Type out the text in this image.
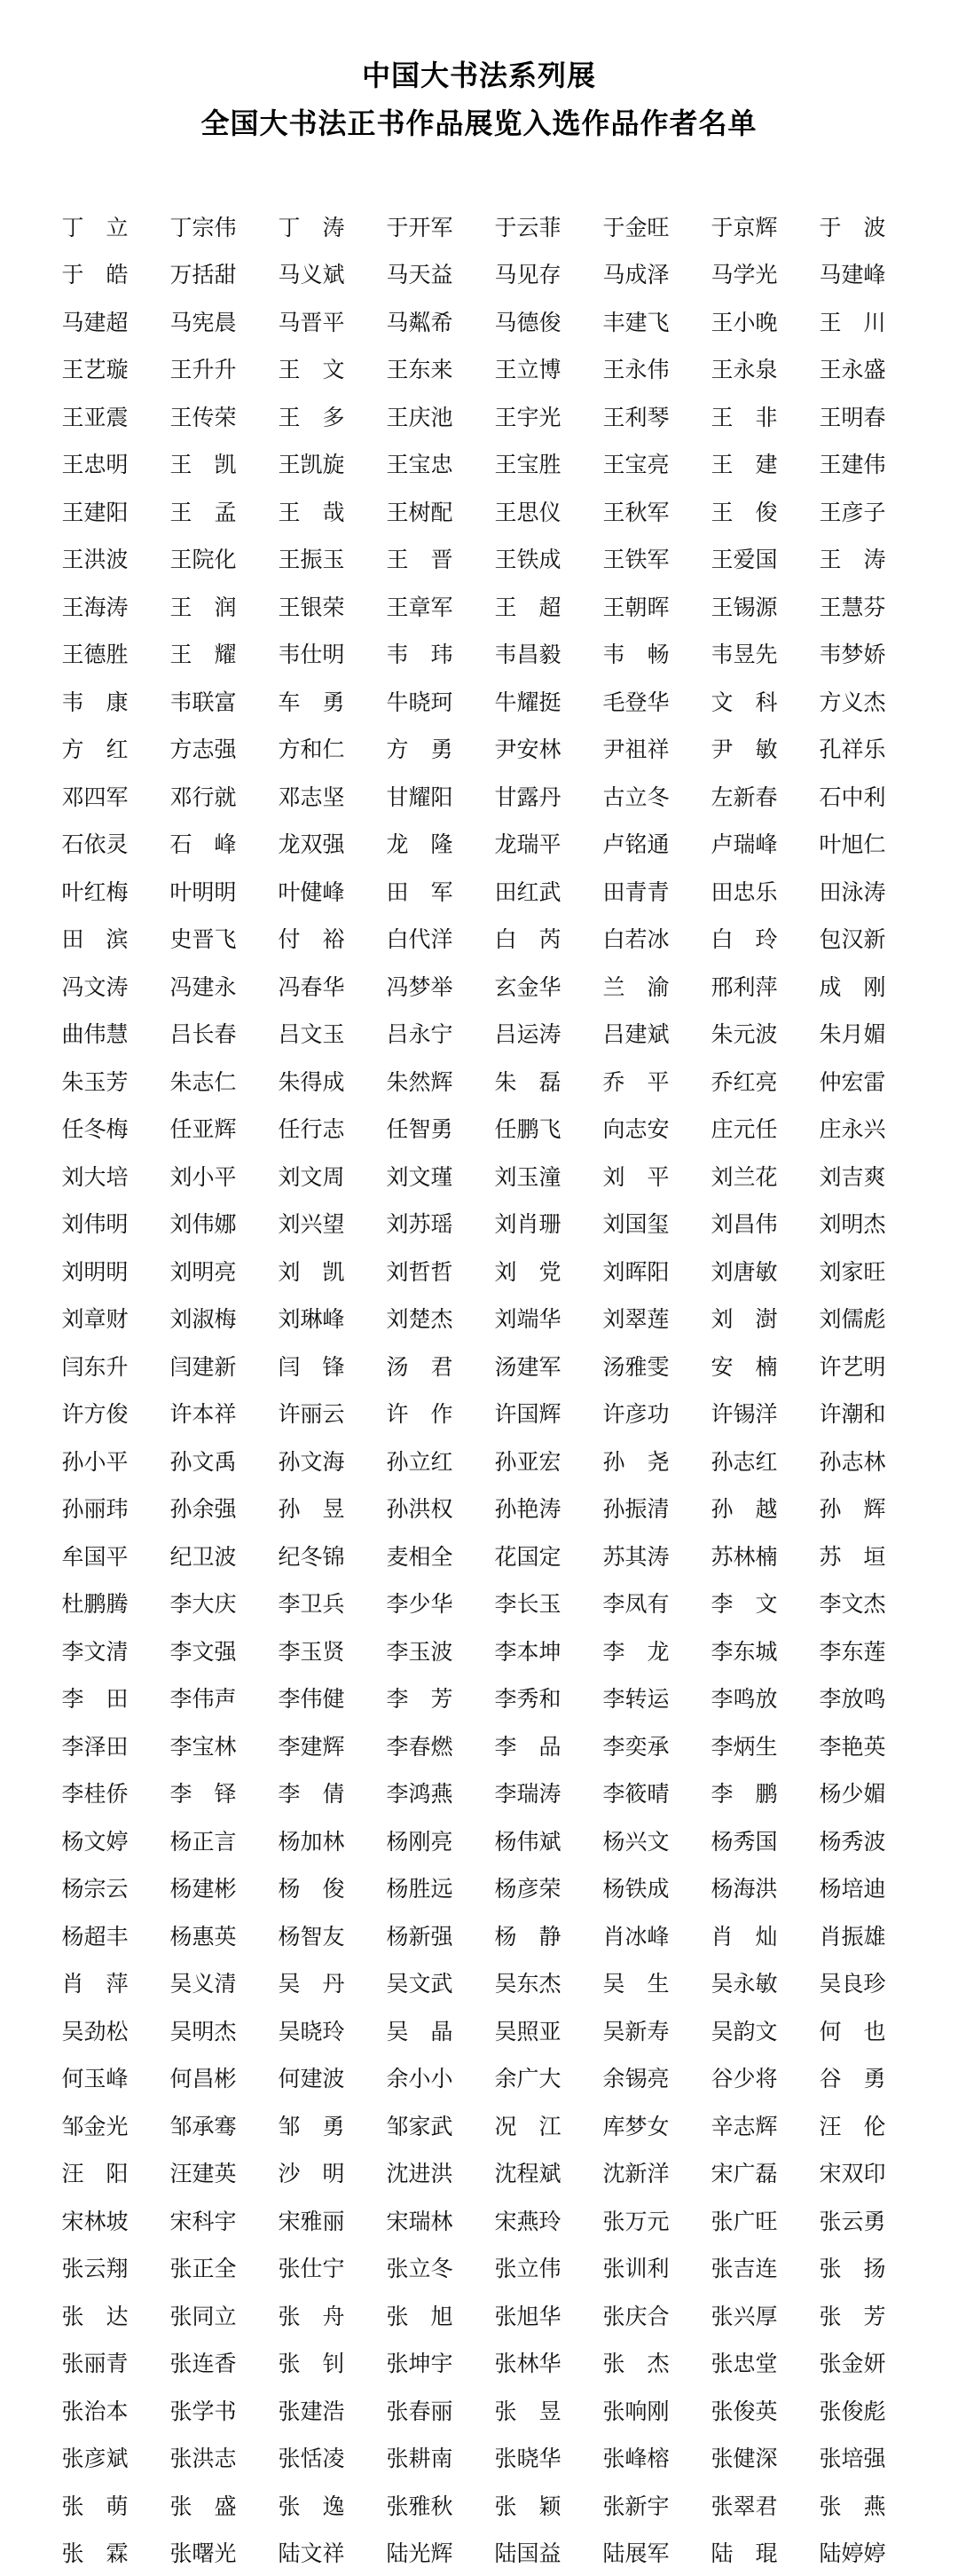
中国大书法系列展
全国大书法正书作品展览入选作品作者名单
丁　立	丁宗伟	丁　涛	于开军	于云菲	于金旺	于京辉	于　波
于　皓	万括甜	马义斌	马天益	马见存	马成泽	马学光	马建峰
马建超	马宪晨	马晋平	马粼希	马德俊	丰建飞	王小晚	王　川
王艺璇	王升升	王　文	王东来	王立博	王永伟	王永泉	王永盛
王亚震	王传荣	王　多	王庆池	王宇光	王利琴	王　非	王明春
王忠明	王　凯	王凯旋	王宝忠	王宝胜	王宝亮	王　建	王建伟
王建阳	王　孟	王　哉	王树配	王思仪	王秋军	王　俊	王彦子
王洪波	王院化	王振玉	王　晋	王铁成	王铁军	王爱国	王　涛
王海涛	王　润	王银荣	王章军	王　超	王朝晖	王锡源	王慧芬
王德胜	王　耀	韦仕明	韦　玮	韦昌毅	韦　畅	韦昱先	韦梦娇
韦　康	韦联富	车　勇	牛晓珂	牛耀挺	毛登华	文　科	方义杰
方　红	方志强	方和仁	方　勇	尹安林	尹祖祥	尹　敏	孔祥乐
邓四军	邓行就	邓志坚	甘耀阳	甘露丹	古立冬	左新春	石中利
石依灵	石　峰	龙双强	龙　隆	龙瑞平	卢铭通	卢瑞峰	叶旭仁
叶红梅	叶明明	叶健峰	田　军	田红武	田青青	田忠乐	田泳涛
田　滨	史晋飞	付　裕	白代洋	白　芮	白若冰	白　玲	包汉新
冯文涛	冯建永	冯春华	冯梦举	玄金华	兰　渝	邢利萍	成　刚
曲伟慧	吕长春	吕文玉	吕永宁	吕运涛	吕建斌	朱元波	朱月媚
朱玉芳	朱志仁	朱得成	朱然辉	朱　磊	乔　平	乔红亮	仲宏雷
任冬梅	任亚辉	任行志	任智勇	任鹏飞	向志安	庄元任	庄永兴
刘大培	刘小平	刘文周	刘文瑾	刘玉潼	刘　平	刘兰花	刘吉爽
刘伟明	刘伟娜	刘兴望	刘苏瑶	刘肖珊	刘国玺	刘昌伟	刘明杰
刘明明	刘明亮	刘　凯	刘哲哲	刘　党	刘晖阳	刘唐敏	刘家旺
刘章财	刘淑梅	刘琳峰	刘楚杰	刘端华	刘翠莲	刘　澍	刘儒彪
闫东升	闫建新	闫　锋	汤　君	汤建军	汤雅雯	安　楠	许艺明
许方俊	许本祥	许丽云	许　作	许国辉	许彦功	许锡洋	许潮和
孙小平	孙文禹	孙文海	孙立红	孙亚宏	孙　尧	孙志红	孙志林
孙丽玮	孙余强	孙　昱	孙洪权	孙艳涛	孙振清	孙　越	孙　辉
牟国平	纪卫波	纪冬锦	麦相全	花国定	苏其涛	苏林楠	苏　垣
杜鹏腾	李大庆	李卫兵	李少华	李长玉	李凤有	李　文	李文杰
李文清	李文强	李玉贤	李玉波	李本坤	李　龙	李东城	李东莲
李　田	李伟声	李伟健	李　芳	李秀和	李转运	李鸣放	李放鸣
李泽田	李宝林	李建辉	李春燃	李　品	李奕承	李炳生	李艳英
李桂侨	李　铎	李　倩	李鸿燕	李瑞涛	李筱晴	李　鹏	杨少媚
杨文婷	杨正言	杨加林	杨刚亮	杨伟斌	杨兴文	杨秀国	杨秀波
杨宗云	杨建彬	杨　俊	杨胜远	杨彦荣	杨铁成	杨海洪	杨培迪
杨超丰	杨惠英	杨智友	杨新强	杨　静	肖冰峰	肖　灿	肖振雄
肖　萍	吴义清	吴　丹	吴文武	吴东杰	吴　生	吴永敏	吴良珍
吴劲松	吴明杰	吴晓玲	吴　晶	吴照亚	吴新寿	吴韵文	何　也
何玉峰	何昌彬	何建波	余小小	余广大	余锡亮	谷少将	谷　勇
邹金光	邹承骞	邹　勇	邹家武	况　江	库梦女	辛志辉	汪　伦
汪　阳	汪建英	沙　明	沈进洪	沈程斌	沈新洋	宋广磊	宋双印
宋林坡	宋科宇	宋雅丽	宋瑞林	宋燕玲	张万元	张广旺	张云勇
张云翔	张正全	张仕宁	张立冬	张立伟	张训利	张吉连	张　扬
张　达	张同立	张　舟	张　旭	张旭华	张庆合	张兴厚	张　芳
张丽青	张连香	张　钊	张坤宇	张林华	张　杰	张忠堂	张金妍
张治本	张学书	张建浩	张春丽	张　昱	张响刚	张俊英	张俊彪
张彦斌	张洪志	张恬凌	张耕南	张晓华	张峰榕	张健深	张培强
张　萌	张　盛	张　逸	张雅秋	张　颖	张新宇	张翠君	张　燕
张　霖	张曙光	陆文祥	陆光辉	陆国益	陆展军	陆　琨	陆婷婷
